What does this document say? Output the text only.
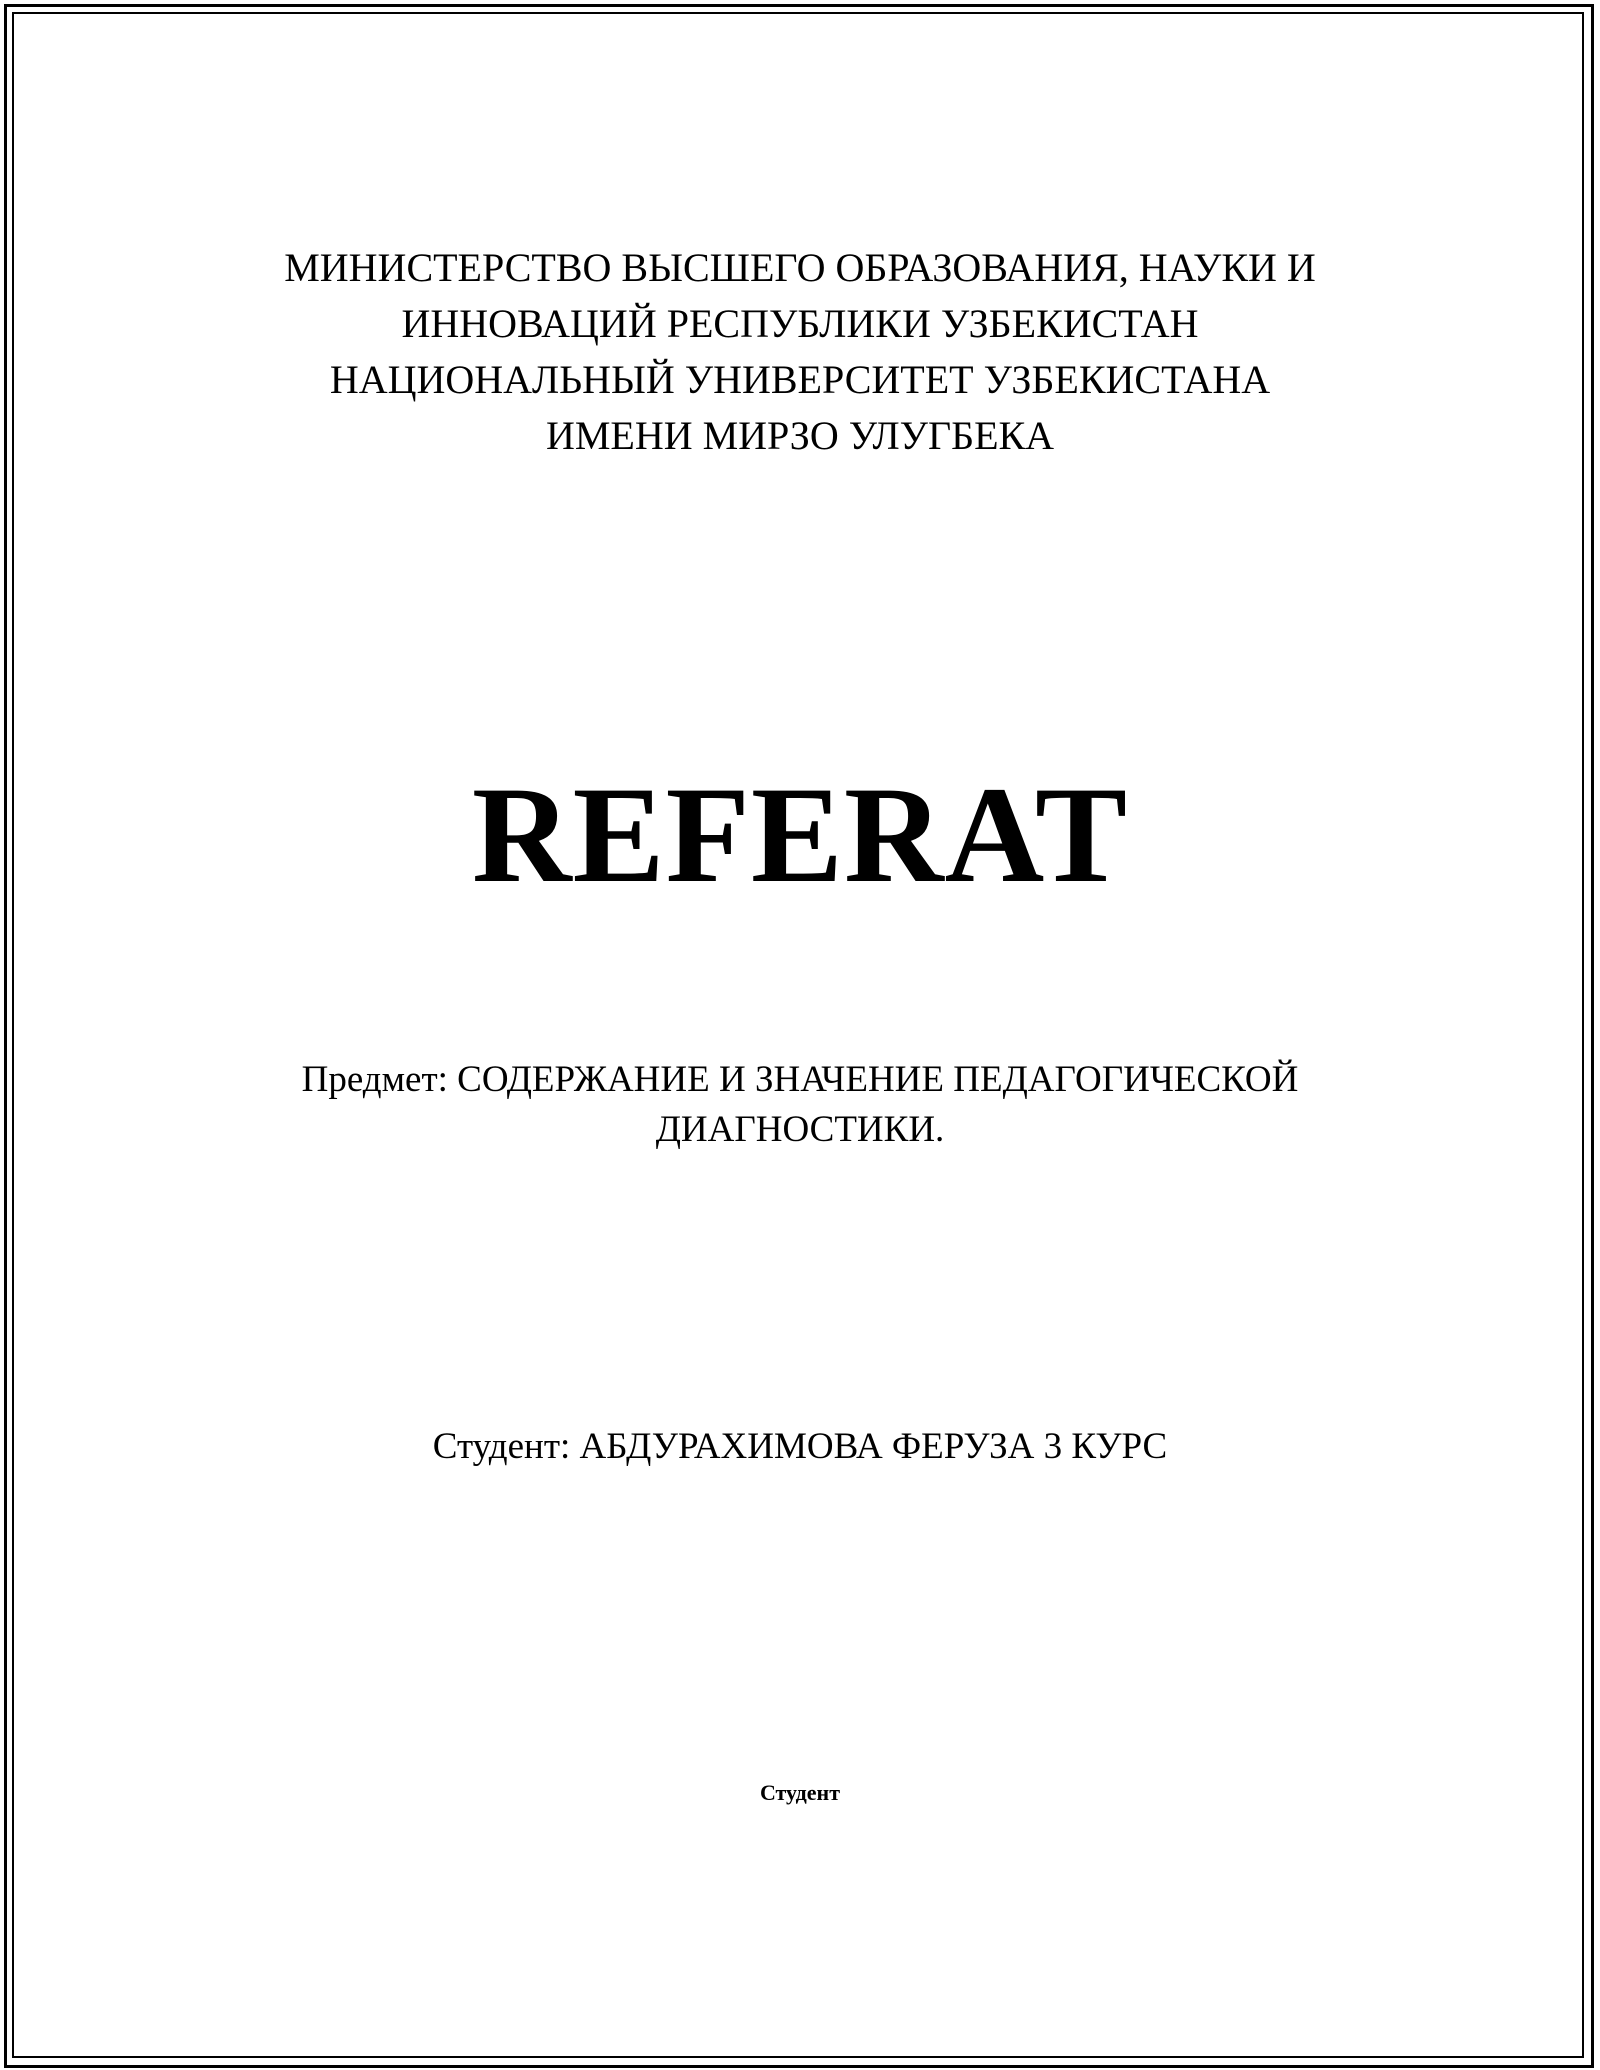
МИНИСТЕРСТВО ВЫСШЕГО ОБРАЗОВАНИЯ, НАУКИ И
ИННОВАЦИЙ РЕСПУБЛИКИ УЗБЕКИСТАН
НАЦИОНАЛЬНЫЙ УНИВЕРСИТЕТ УЗБЕКИСТАНА
ИМЕНИ МИРЗО УЛУГБЕКА
REFERAT
Предмет: СОДЕРЖАНИЕ И ЗНАЧЕНИЕ ПЕДАГОГИЧЕСКОЙ
ДИАГНОСТИКИ.
Студент: АБДУРАХИМОВА ФЕРУЗА 3 КУРС
Студент
